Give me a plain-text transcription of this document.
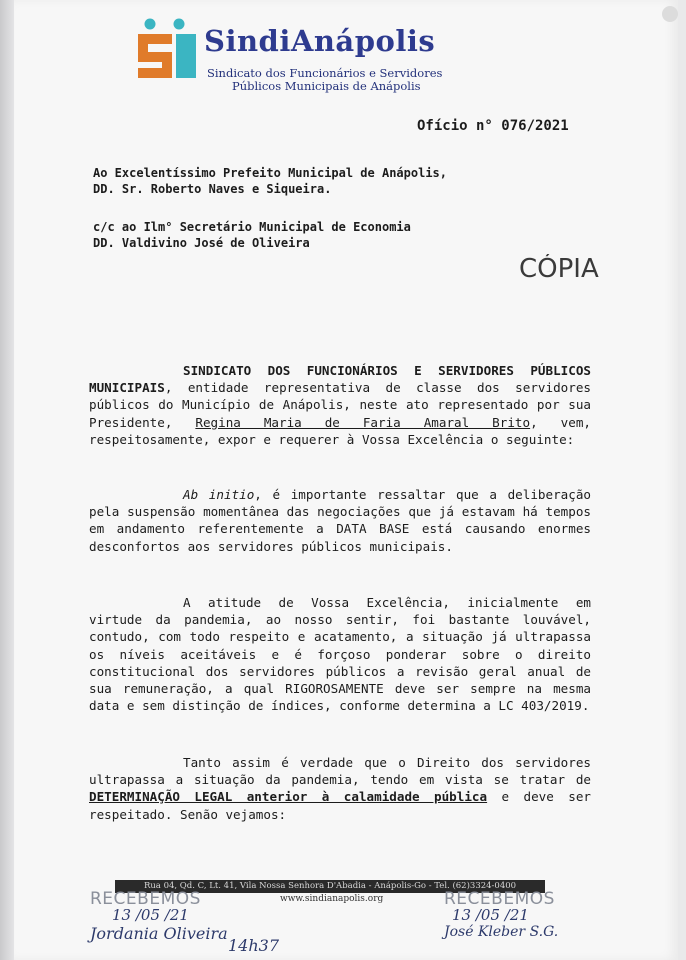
SindiAnápolis
Sindicato dos Funcionários e Servidores
Públicos Municipais de Anápolis
Ofício n° 076/2021
Ao Excelentíssimo Prefeito Municipal de Anápolis,
DD. Sr. Roberto Naves e Siqueira.
c/c ao Ilm° Secretário Municipal de Economia
DD. Valdivino José de Oliveira
CÓPIA
SINDICATO DOS FUNCIONÁRIOS E SERVIDORES PÚBLICOS MUNICIPAIS, entidade representativa de classe dos servidores públicos do Município de Anápolis, neste ato representado por sua Presidente, Regina Maria de Faria Amaral Brito, vem, respeitosamente, expor e requerer à Vossa Excelência o seguinte:
Ab initio, é importante ressaltar que a deliberação pela suspensão momentânea das negociações que já estavam há tempos em andamento referentemente a DATA BASE está causando enormes desconfortos aos servidores públicos municipais.
A atitude de Vossa Excelência, inicialmente em virtude da pandemia, ao nosso sentir, foi bastante louvável, contudo, com todo respeito e acatamento, a situação já ultrapassa os níveis aceitáveis e é forçoso ponderar sobre o direito constitucional dos servidores públicos a revisão geral anual de sua remuneração, a qual RIGOROSAMENTE deve ser sempre na mesma data e sem distinção de índices, conforme determina a LC 403/2019.
Tanto assim é verdade que o Direito dos servidores ultrapassa a situação da pandemia, tendo em vista se tratar de DETERMINAÇÃO LEGAL anterior à calamidade pública e deve ser respeitado. Senão vejamos:
Rua 04, Qd. C, Lt. 41, Vila Nossa Senhora D'Abadia - Anápolis-Go - Tel. (62)3324-0400
www.sindianapolis.org
RECEBEMOS
13 /05 /21
Jordania Oliveira
14h37
RECEBEMOS
13 /05 /21
José Kleber S.G.
